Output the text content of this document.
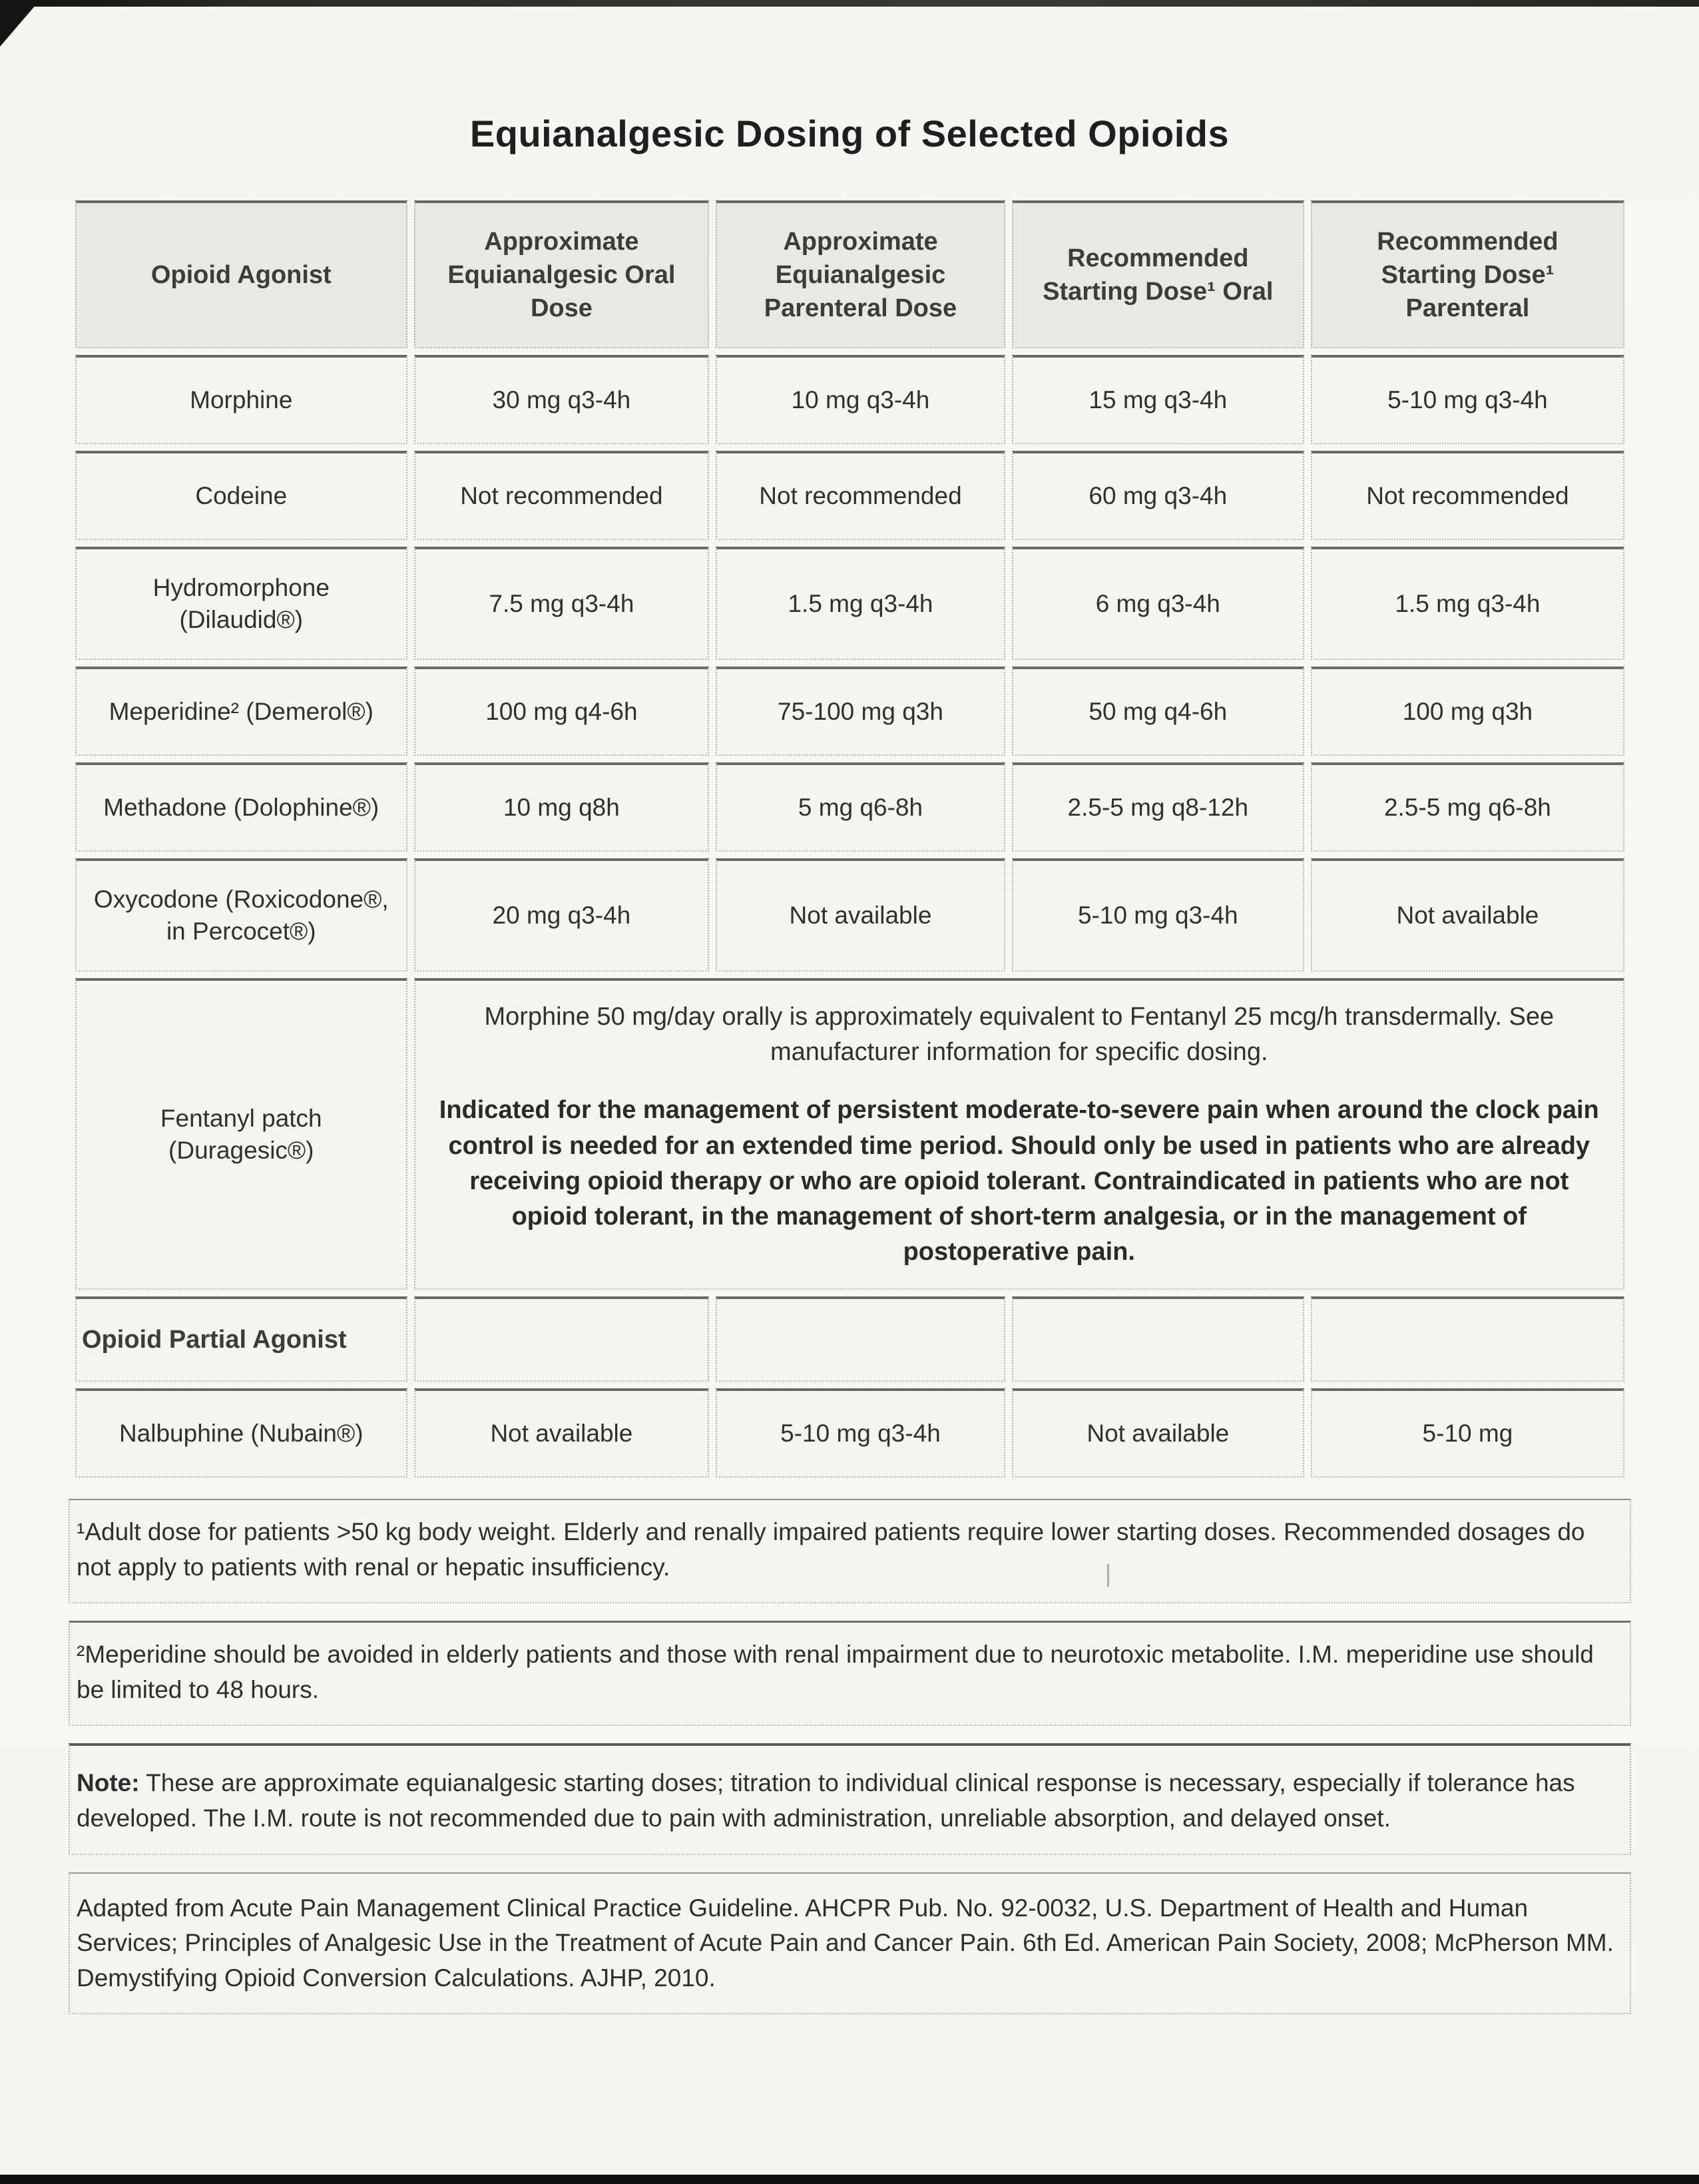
Equianalgesic Dosing of Selected Opioids
Opioid Agonist	Approximate Equianalgesic Oral Dose	Approximate Equianalgesic Parenteral Dose	Recommended Starting Dose¹ Oral	Recommended Starting Dose¹ Parenteral
Morphine	30 mg q3-4h	10 mg q3-4h	15 mg q3-4h	5-10 mg q3-4h
Codeine	Not recommended	Not recommended	60 mg q3-4h	Not recommended
Hydromorphone (Dilaudid®)	7.5 mg q3-4h	1.5 mg q3-4h	6 mg q3-4h	1.5 mg q3-4h
Meperidine² (Demerol®)	100 mg q4-6h	75-100 mg q3h	50 mg q4-6h	100 mg q3h
Methadone (Dolophine®)	10 mg q8h	5 mg q6-8h	2.5-5 mg q8-12h	2.5-5 mg q6-8h
Oxycodone (Roxicodone®, in Percocet®)	20 mg q3-4h	Not available	5-10 mg q3-4h	Not available
Fentanyl patch (Duragesic®)	Morphine 50 mg/day orally is approximately equivalent to Fentanyl 25 mcg/h transdermally. See manufacturer information for specific dosing.

Indicated for the management of persistent moderate-to-severe pain when around the clock pain control is needed for an extended time period. Should only be used in patients who are already receiving opioid therapy or who are opioid tolerant. Contraindicated in patients who are not opioid tolerant, in the management of short-term analgesia, or in the management of postoperative pain.			

Opioid Partial Agonist				
Nalbuphine (Nubain®)	Not available	5-10 mg q3-4h	Not available	5-10 mg
¹Adult dose for patients >50 kg body weight. Elderly and renally impaired patients require lower starting doses. Recommended dosages do not apply to patients with renal or hepatic insufficiency.
²Meperidine should be avoided in elderly patients and those with renal impairment due to neurotoxic metabolite. I.M. meperidine use should be limited to 48 hours.
Note: These are approximate equianalgesic starting doses; titration to individual clinical response is necessary, especially if tolerance has developed. The I.M. route is not recommended due to pain with administration, unreliable absorption, and delayed onset.
Adapted from Acute Pain Management Clinical Practice Guideline. AHCPR Pub. No. 92-0032, U.S. Department of Health and Human Services; Principles of Analgesic Use in the Treatment of Acute Pain and Cancer Pain. 6th Ed. American Pain Society, 2008; McPherson MM. Demystifying Opioid Conversion Calculations. AJHP, 2010.
